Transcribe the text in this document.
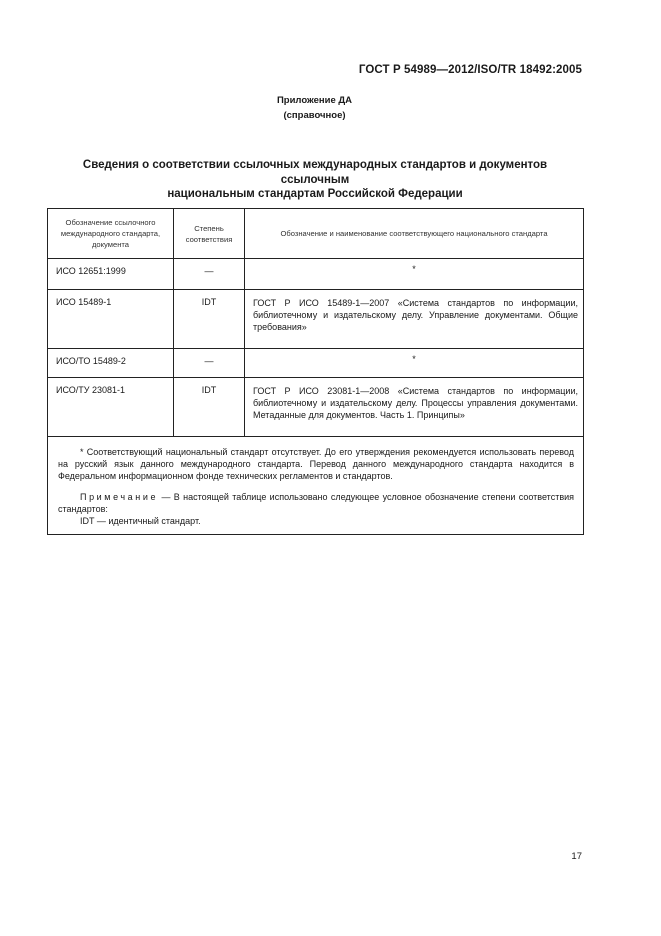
ГОСТ Р 54989—2012/ISO/TR 18492:2005
Приложение ДА
(справочное)
Сведения о соответствии ссылочных международных стандартов и документов ссылочным
национальным стандартам Российской Федерации
Обозначение ссылочного международного стандарта, документа	Степень соответствия	Обозначение и наименование соответствующего национального стандарта
ИСО 12651:1999	—	*
ИСО 15489-1	IDT	ГОСТ Р ИСО 15489-1—2007 «Система стандартов по информации, библиотечному и издательскому делу. Управление документами. Общие требования»
ИСО/ТО 15489-2	—	*
ИСО/ТУ 23081-1	IDT	ГОСТ Р ИСО 23081-1—2008 «Система стандартов по информации, библиотечному и издательскому делу. Процессы управления документами. Метаданные для документов. Часть 1. Принципы»

* Соответствующий национальный стандарт отсутствует. До его утверждения рекомендуется использовать перевод на русский язык данного международного стандарта. Перевод данного международного стандарта находится в Федеральном информационном фонде технических регламентов и стандартов.

Примечание — В настоящей таблице использовано следующее условное обозначение степени соответствия стандартов:

IDT — идентичный стандарт.		

17
